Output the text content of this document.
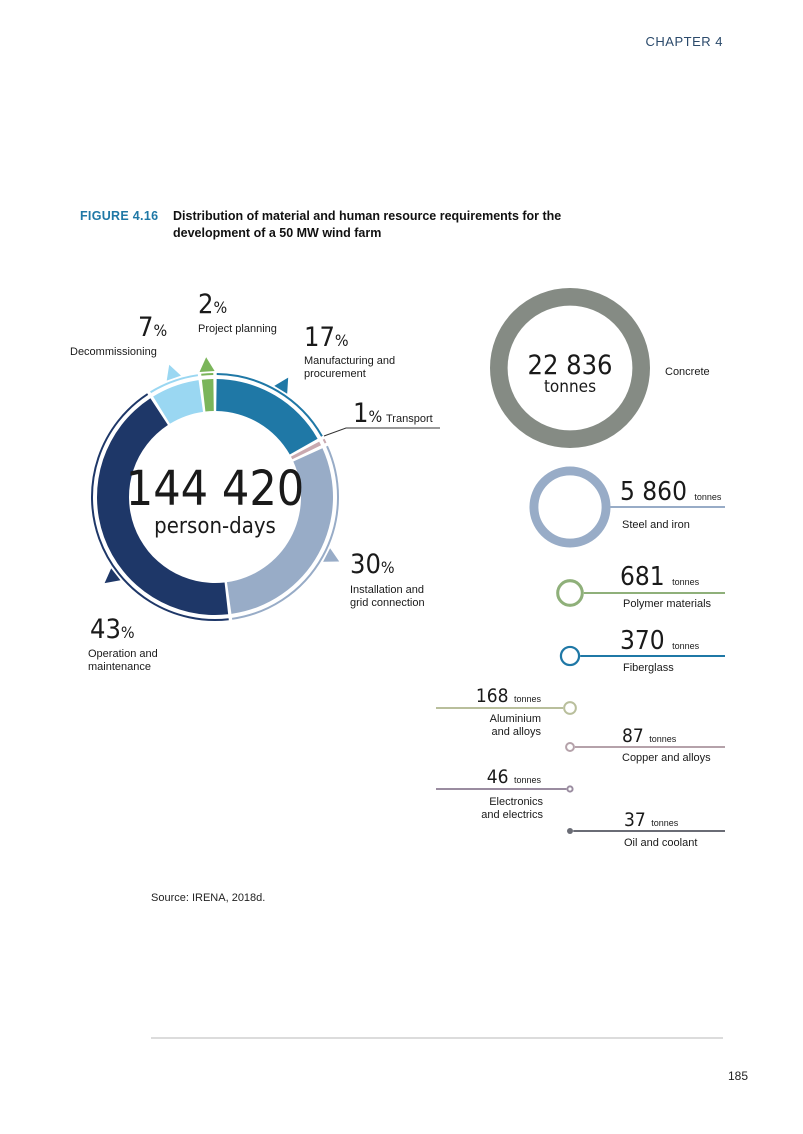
CHAPTER 4
FIGURE 4.16 Distribution of material and human resource requirements for the development of a 50 MW wind farm
144 420
person-days
17%
Manufacturing and
procurement
1% Transport
30%
Installation and
grid connection
43%
Operation and
maintenance
7%
Decommissioning
2%
Project planning
5 860 tonnes
681 tonnes
370 tonnes
168 tonnes
87 tonnes
46 tonnes
37 tonnes
22 836
tonnes
Concrete
Steel and iron
Polymer materials
Fiberglass
Aluminium
and alloys
Copper and alloys
Electronics
and electrics
Oil and coolant
Source: IRENA, 2018d.
185
